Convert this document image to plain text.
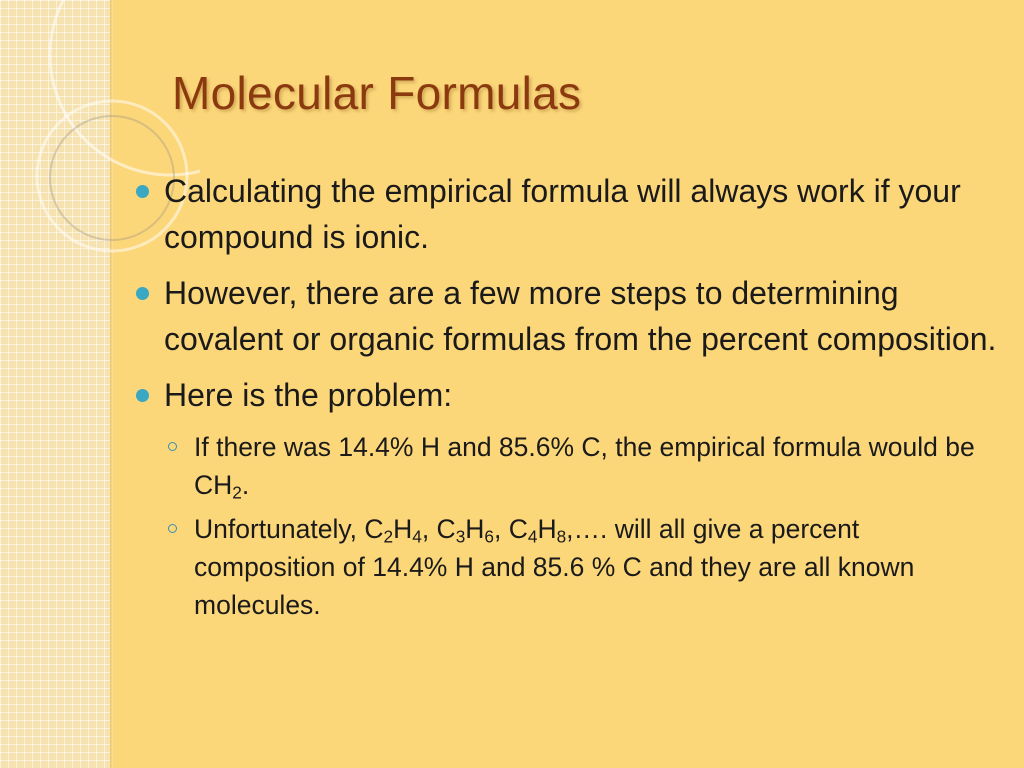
Molecular Formulas
Calculating the empirical formula will always work if your compound is ionic.
However, there are a few more steps to determining covalent or organic formulas from the percent composition.
Here is the problem:
If there was 14.4% H and 85.6% C, the empirical formula would be $CH_2$.
Unfortunately, $C_2H_4$, $C_3H_6$, $C_4H_8,\dots$. will all give a percent composition of 14.4% H and 85.6 % C and they are all known molecules.
